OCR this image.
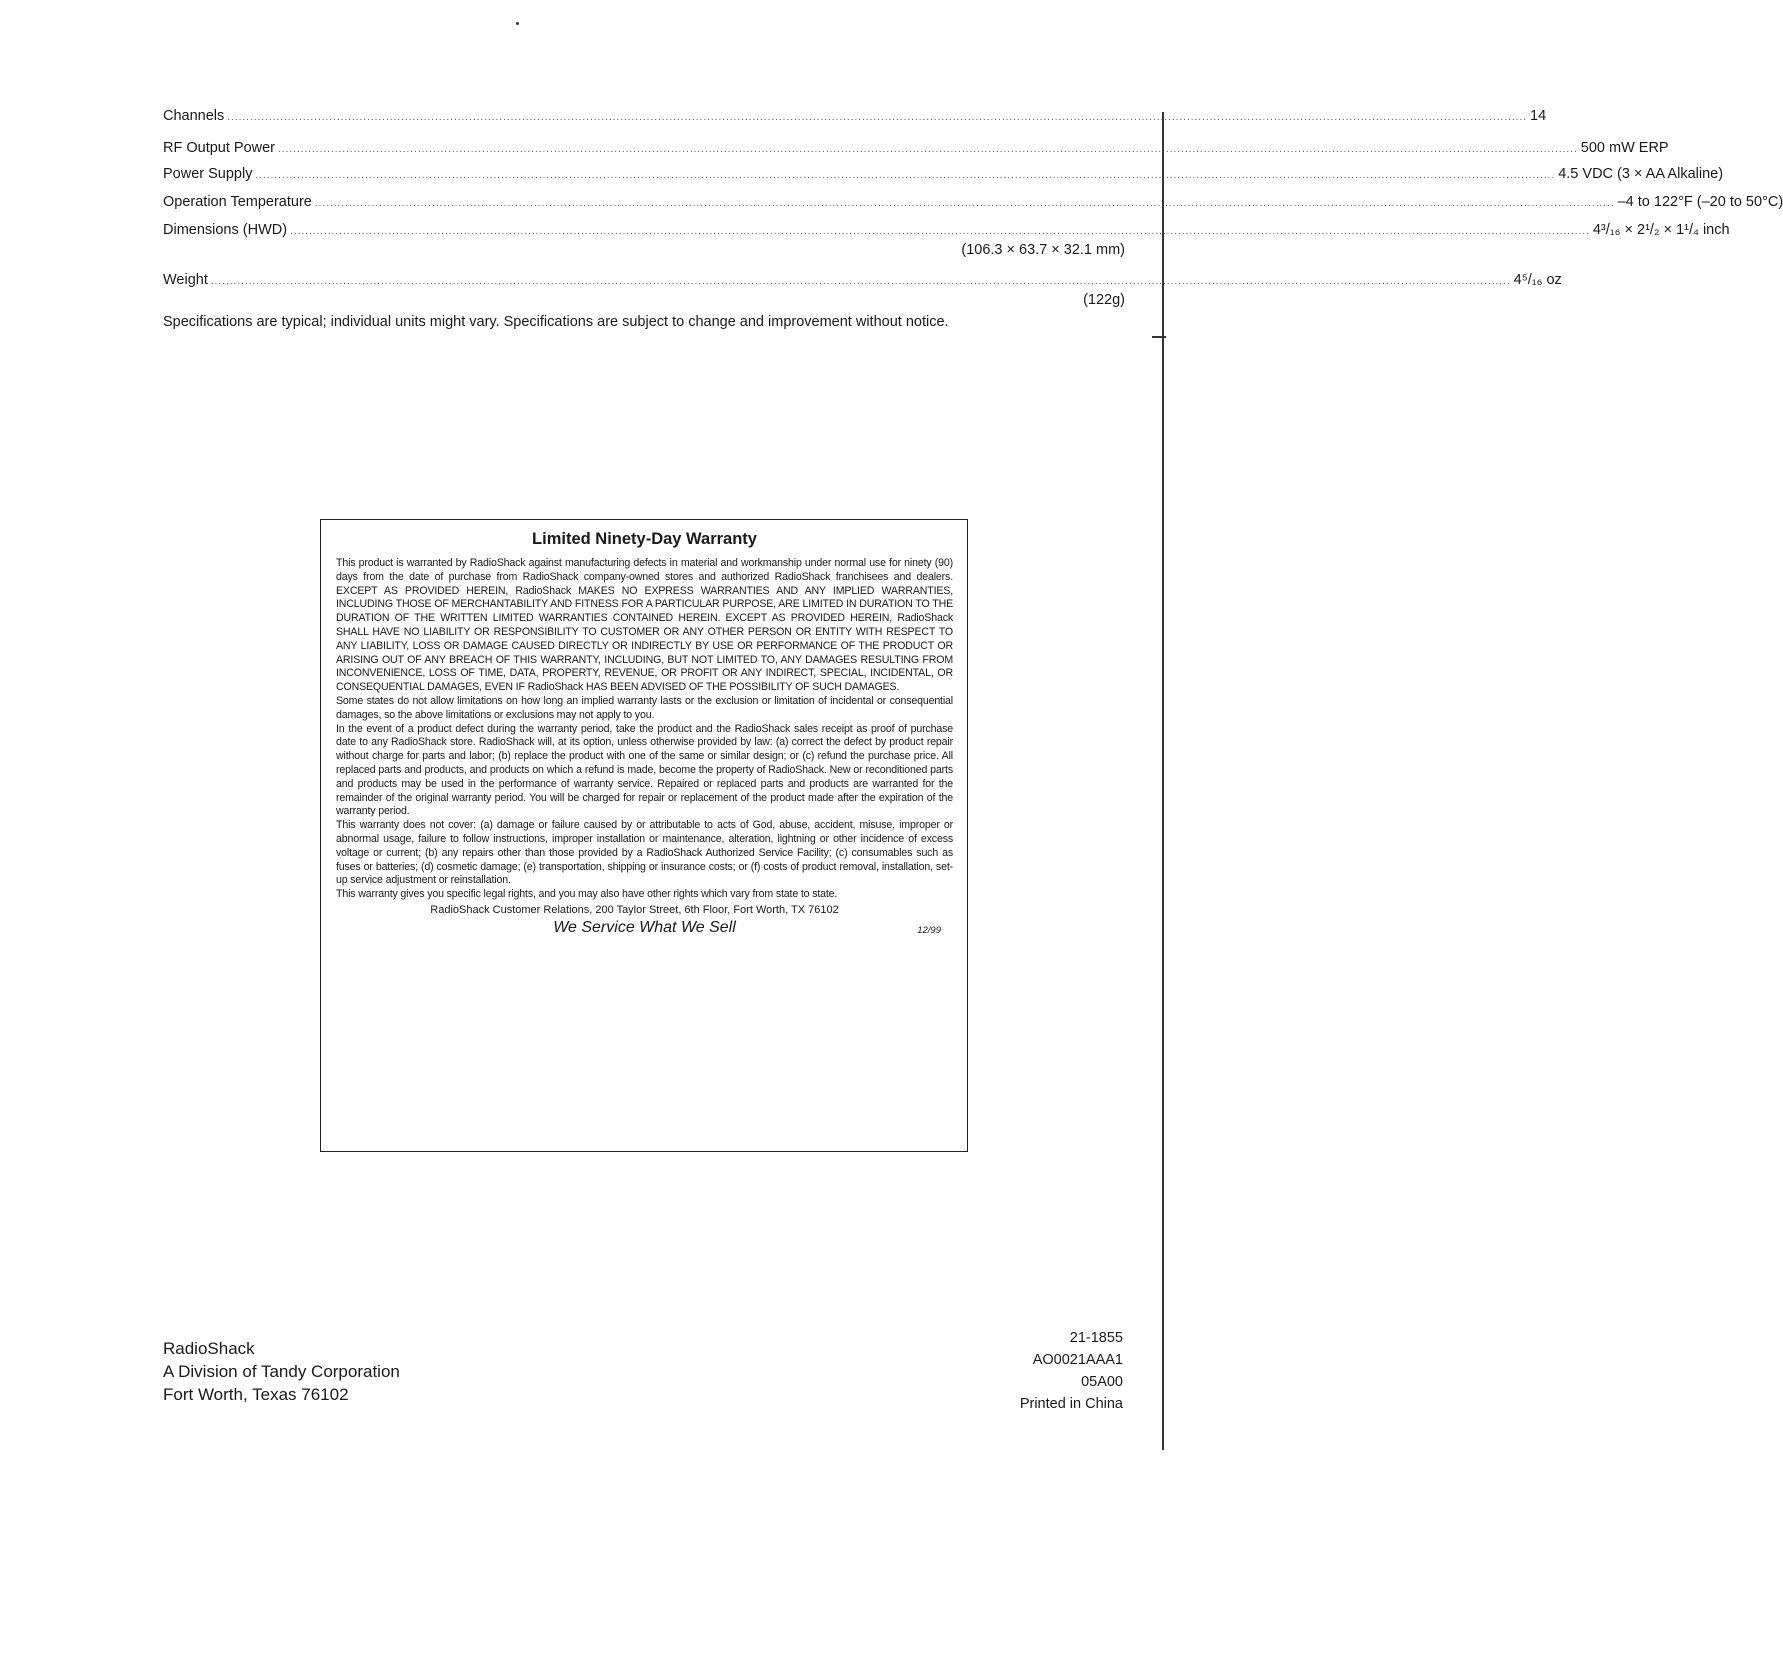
Channels ........................................................................................................................................................................................................................................................................................................................................................ 14
RF Output Power ........................................................................................................................................................................................................................................................................................................................................................ 500 mW ERP
Power Supply ........................................................................................................................................................................................................................................................................................................................................................ 4.5 VDC (3 × AA Alkaline)
Operation Temperature ........................................................................................................................................................................................................................................................................................................................................................ –4 to 122°F (–20 to 50°C)
Dimensions (HWD) ........................................................................................................................................................................................................................................................................................................................................................ 4³/₁₆ × 2¹/₂ × 1¹/₄ inch
(106.3 × 63.7 × 32.1 mm)
Weight ........................................................................................................................................................................................................................................................................................................................................................ 4⁵/₁₆ oz
(122g)

Specifications are typical; individual units might vary. Specifications are subject to change and improvement without notice.

Limited Ninety-Day Warranty

This product is warranted by RadioShack against manufacturing defects in material and workmanship under normal use for ninety (90) days from the date of purchase from RadioShack company-owned stores and authorized RadioShack franchisees and dealers. EXCEPT AS PROVIDED HEREIN, RadioShack MAKES NO EXPRESS WARRANTIES AND ANY IMPLIED WARRANTIES, INCLUDING THOSE OF MERCHANTABILITY AND FITNESS FOR A PARTICULAR PURPOSE, ARE LIMITED IN DURATION TO THE DURATION OF THE WRITTEN LIMITED WARRANTIES CONTAINED HEREIN. EXCEPT AS PROVIDED HEREIN, RadioShack SHALL HAVE NO LIABILITY OR RESPONSIBILITY TO CUSTOMER OR ANY OTHER PERSON OR ENTITY WITH RESPECT TO ANY LIABILITY, LOSS OR DAMAGE CAUSED DIRECTLY OR INDIRECTLY BY USE OR PERFORMANCE OF THE PRODUCT OR ARISING OUT OF ANY BREACH OF THIS WARRANTY, INCLUDING, BUT NOT LIMITED TO, ANY DAMAGES RESULTING FROM INCONVENIENCE, LOSS OF TIME, DATA, PROPERTY, REVENUE, OR PROFIT OR ANY INDIRECT, SPECIAL, INCIDENTAL, OR CONSEQUENTIAL DAMAGES, EVEN IF RadioShack HAS BEEN ADVISED OF THE POSSIBILITY OF SUCH DAMAGES.

Some states do not allow limitations on how long an implied warranty lasts or the exclusion or limitation of incidental or consequential damages, so the above limitations or exclusions may not apply to you.

In the event of a product defect during the warranty period, take the product and the RadioShack sales receipt as proof of purchase date to any RadioShack store. RadioShack will, at its option, unless otherwise provided by law: (a) correct the defect by product repair without charge for parts and labor; (b) replace the product with one of the same or similar design; or (c) refund the purchase price. All replaced parts and products, and products on which a refund is made, become the property of RadioShack. New or reconditioned parts and products may be used in the performance of warranty service. Repaired or replaced parts and products are warranted for the remainder of the original warranty period. You will be charged for repair or replacement of the product made after the expiration of the warranty period.

This warranty does not cover: (a) damage or failure caused by or attributable to acts of God, abuse, accident, misuse, improper or abnormal usage, failure to follow instructions, improper installation or maintenance, alteration, lightning or other incidence of excess voltage or current; (b) any repairs other than those provided by a RadioShack Authorized Service Facility; (c) consumables such as fuses or batteries; (d) cosmetic damage; (e) transportation, shipping or insurance costs; or (f) costs of product removal, installation, set-up service adjustment or reinstallation.

This warranty gives you specific legal rights, and you may also have other rights which vary from state to state.

RadioShack Customer Relations, 200 Taylor Street, 6th Floor, Fort Worth, TX 76102
We Service What We Sell	12/99
RadioShack
A Division of Tandy Corporation
Fort Worth, Texas 76102
21-1855
AO0021AAA1
05A00
Printed in China
